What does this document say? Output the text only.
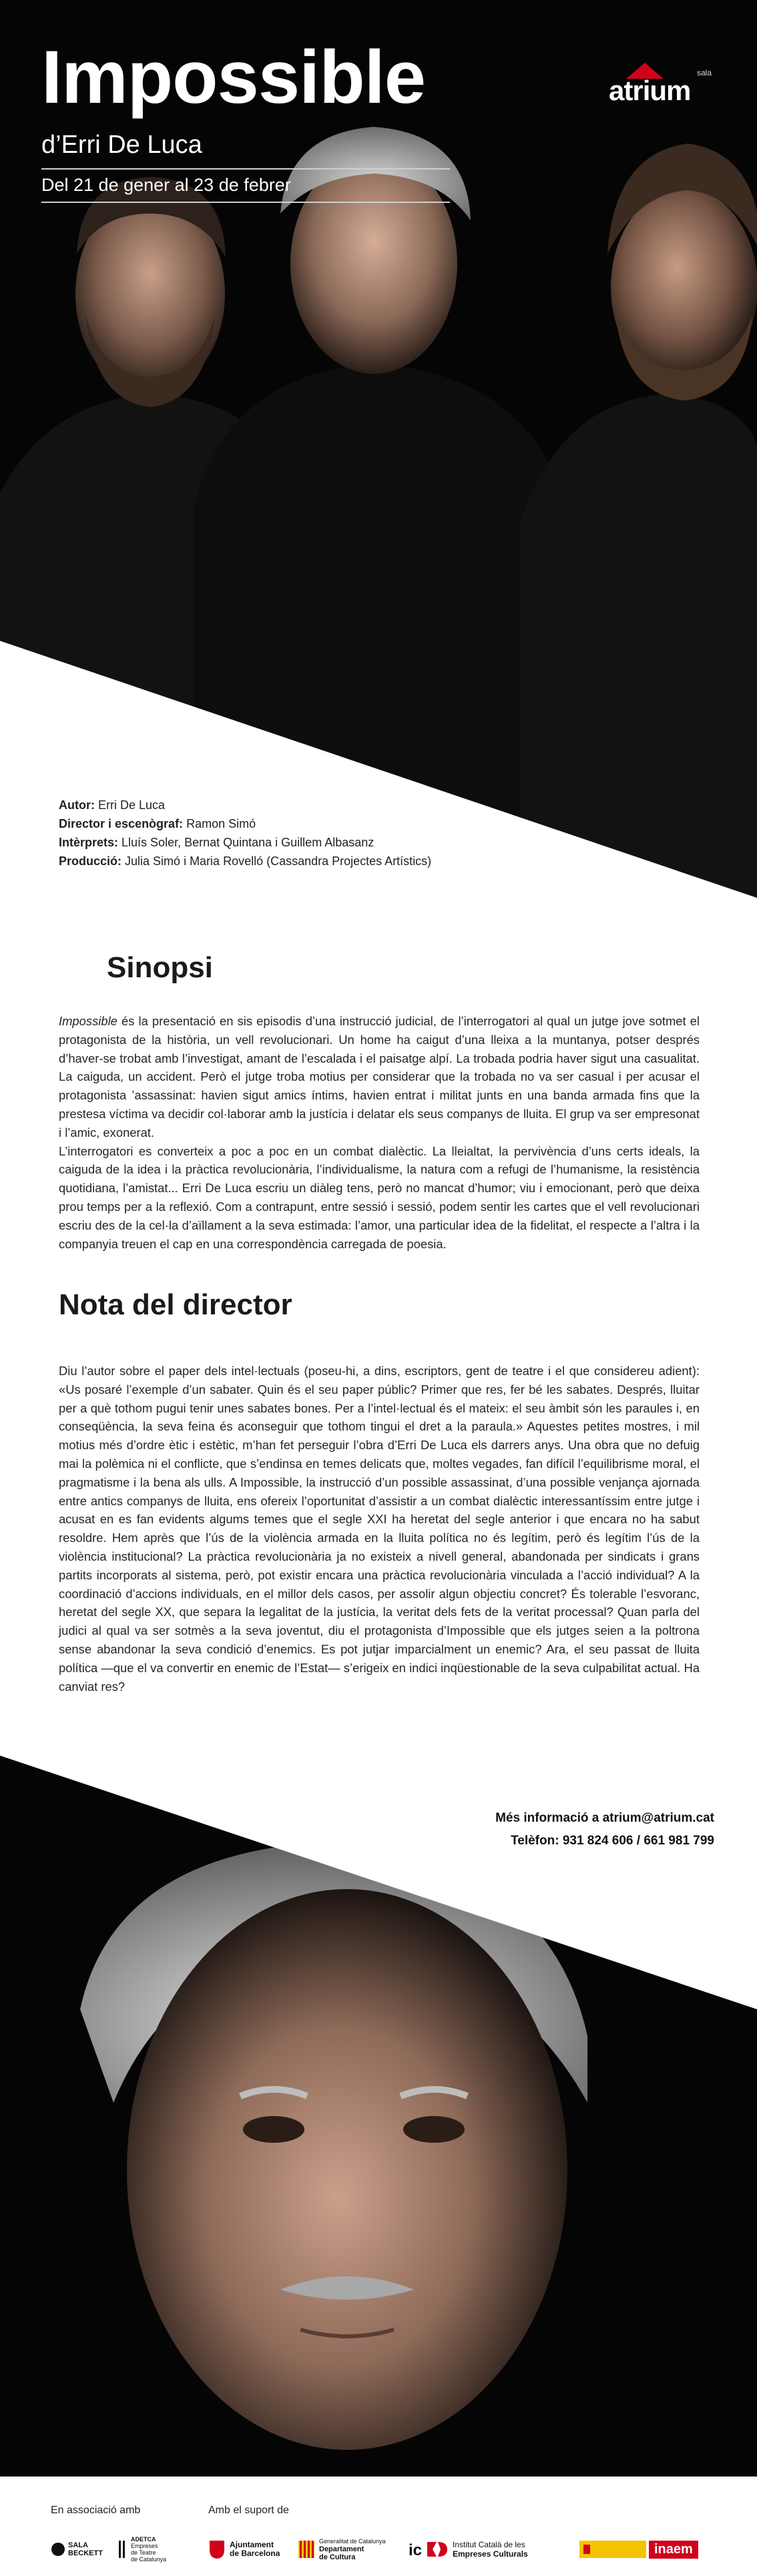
Impossible
d’Erri De Luca
Del 21 de gener al 23 de febrer
sala
atrium
Autor: Erri De Luca
Director i escenògraf: Ramon Simó
Intèrprets: Lluís Soler, Bernat Quintana i Guillem Albasanz
Producció: Julia Simó i Maria Rovelló (Cassandra Projectes Artístics)
Sinopsi

Impossible és la presentació en sis episodis d’una instrucció judicial, de l’interrogatori al qual un jutge jove sotmet el protagonista de la història, un vell revolucionari. Un home ha caigut d’una lleixa a la muntanya, potser després d’haver-se trobat amb l’investigat, amant de l’escalada i el paisatge alpí. La trobada podria haver sigut una casualitat. La caiguda, un accident. Però el jutge troba motius per considerar que la trobada no va ser casual i per acusar el protagonista ’assassinat: havien sigut amics íntims, havien entrat i militat junts en una banda armada fins que la prestesa víctima va decidir col·laborar amb la justícia i delatar els seus companys de lluita. El grup va ser empresonat i l’amic, exonerat.

L’interrogatori es converteix a poc a poc en un combat dialèctic. La lleialtat, la pervivència d’uns certs ideals, la caiguda de la idea i la pràctica revolucionària, l’individualisme, la natura com a refugi de l’humanisme, la resistència quotidiana, l’amistat... Erri De Luca escriu un diàleg tens, però no mancat d’humor; viu i emocionant, però que deixa prou temps per a la reflexió. Com a contrapunt, entre sessió i sessió, podem sentir les cartes que el vell revolucionari escriu des de la cel·la d’aïllament a la seva estimada: l’amor, una particular idea de la fidelitat, el respecte a l’altra i la companyia treuen el cap en una correspondència carregada de poesia.

Nota del director

Diu l’autor sobre el paper dels intel·lectuals (poseu-hi, a dins, escriptors, gent de teatre i el que considereu adient): «Us posaré l’exemple d’un sabater. Quin és el seu paper públic? Primer que res, fer bé les sabates. Després, lluitar per a què tothom pugui tenir unes sabates bones. Per a l’intel·lectual és el mateix: el seu àmbit són les paraules i, en conseqüència, la seva feina és aconseguir que tothom tingui el dret a la paraula.» Aquestes petites mostres, i mil motius més d’ordre ètic i estètic, m’han fet perseguir l’obra d’Erri De Luca els darrers anys. Una obra que no defuig mai la polèmica ni el conflicte, que s’endinsa en temes delicats que, moltes vegades, fan difícil l’equilibrisme moral, el pragmatisme i la bena als ulls. A Impossible, la instrucció d’un possible assassinat, d’una possible venjança ajornada entre antics companys de lluita, ens ofereix l’oportunitat d’assistir a un combat dialèctic interessantíssim entre jutge i acusat en es fan evidents algums temes que el segle XXI ha heretat del segle anterior i que encara no ha sabut resoldre. Hem après que l’ús de la violència armada en la lluita política no és legítim, però és legítim l’ús de la violència institucional? La pràctica revolucionària ja no existeix a nivell general, abandonada per sindicats i grans partits incorporats al sistema, però, pot existir encara una pràctica revolucionària vinculada a l’acció individual? A la coordinació d’accions individuals, en el millor dels casos, per assolir algun objectiu concret? És tolerable l’esvoranc, heretat del segle XX, que separa la legalitat de la justícia, la veritat dels fets de la veritat processal? Quan parla del judici al qual va ser sotmès a la seva joventut, diu el protagonista d’Impossible que els jutges seien a la poltrona sense abandonar la seva condició d’enemics. Es pot jutjar imparcialment un enemic? Ara, el seu passat de lluita política —que el va convertir en enemic de l’Estat— s’erigeix en indici inqüestionable de la seva culpabilitat actual. Ha canviat res?

Més informació a atrium@atrium.cat
Telèfon: 931 824 606 / 661 981 799
En associació amb	Amb el suport de
SALA
BECKETT
ADETCA
Empreses
de Teatre
de Catalunya
Ajuntament
de Barcelona
Generalitat de Catalunya
Departament
de Cultura	ic	Institut Català de les
Empreses Culturals	inaem
